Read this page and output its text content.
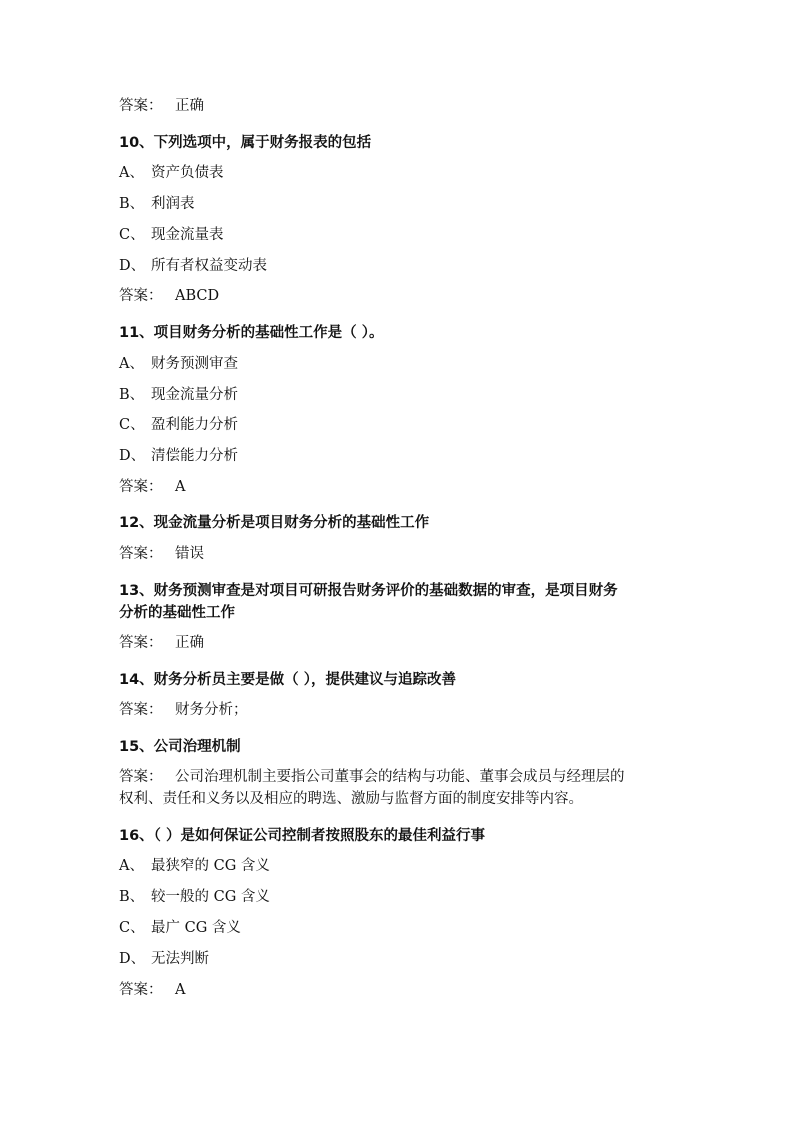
答案： 正确
10、下列选项中，属于财务报表的包括
A、 资产负债表
B、 利润表
C、 现金流量表
D、 所有者权益变动表
答案： ABCD
11、项目财务分析的基础性工作是（ ）。
A、 财务预测审查
B、 现金流量分析
C、 盈利能力分析
D、 清偿能力分析
答案： A
12、现金流量分析是项目财务分析的基础性工作
答案： 错误
13、财务预测审查是对项目可研报告财务评价的基础数据的审查，是项目财务
分析的基础性工作
答案： 正确
14、财务分析员主要是做（ ），提供建议与追踪改善
答案： 财务分析；
15、公司治理机制
答案： 公司治理机制主要指公司董事会的结构与功能、董事会成员与经理层的
权利、责任和义务以及相应的聘选、激励与监督方面的制度安排等内容。
16、（ ）是如何保证公司控制者按照股东的最佳利益行事
A、 最狭窄的 CG 含义
B、 较一般的 CG 含义
C、 最广 CG 含义
D、 无法判断
答案： A
